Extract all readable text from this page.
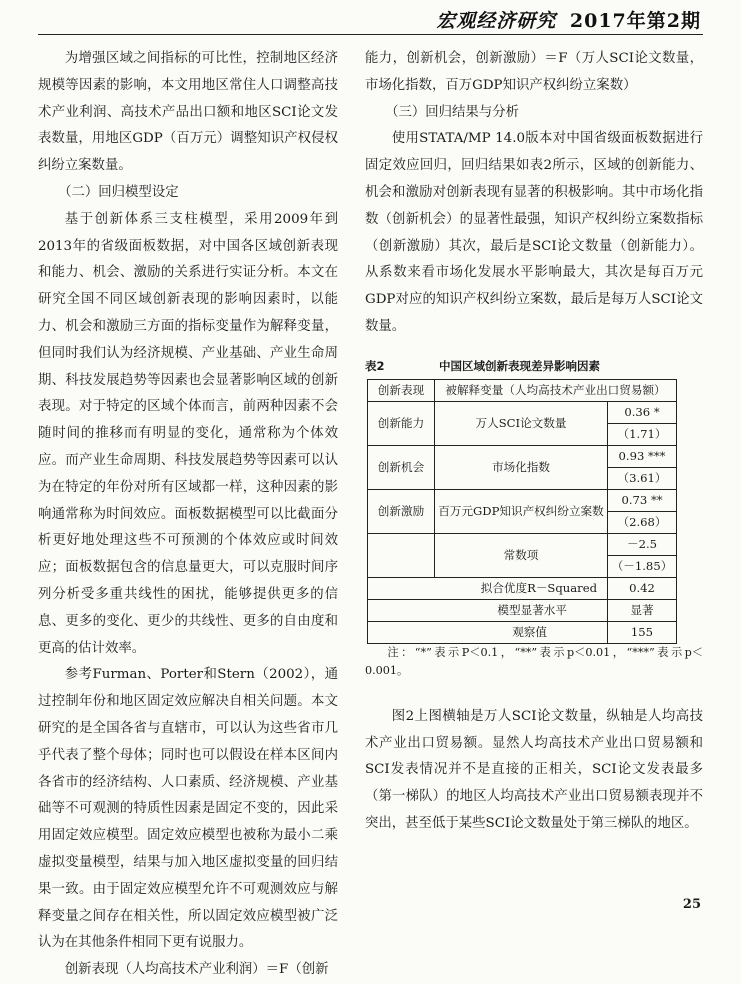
宏观经济研究 2017年第2期

为增强区域之间指标的可比性，控制地区经济规模等因素的影响，本文用地区常住人口调整高技术产业利润、高技术产品出口额和地区SCI论文发表数量，用地区GDP（百万元）调整知识产权侵权纠纷立案数量。

（二）回归模型设定

基于创新体系三支柱模型，采用2009年到2013年的省级面板数据，对中国各区域创新表现和能力、机会、激励的关系进行实证分析。本文在研究全国不同区域创新表现的影响因素时，以能力、机会和激励三方面的指标变量作为解释变量，但同时我们认为经济规模、产业基础、产业生命周期、科技发展趋势等因素也会显著影响区域的创新表现。对于特定的区域个体而言，前两种因素不会随时间的推移而有明显的变化，通常称为个体效应。而产业生命周期、科技发展趋势等因素可以认为在特定的年份对所有区域都一样，这种因素的影响通常称为时间效应。面板数据模型可以比截面分析更好地处理这些不可预测的个体效应或时间效应；面板数据包含的信息量更大，可以克服时间序列分析受多重共线性的困扰，能够提供更多的信息、更多的变化、更少的共线性、更多的自由度和更高的估计效率。

参考Furman、Porter和Stern（2002），通过控制年份和地区固定效应解决自相关问题。本文研究的是全国各省与直辖市，可以认为这些省市几乎代表了整个母体；同时也可以假设在样本区间内各省市的经济结构、人口素质、经济规模、产业基础等不可观测的特质性因素是固定不变的，因此采用固定效应模型。固定效应模型也被称为最小二乘虚拟变量模型，结果与加入地区虚拟变量的回归结果一致。由于固定效应模型允许不可观测效应与解释变量之间存在相关性，所以固定效应模型被广泛认为在其他条件相同下更有说服力。

创新表现（人均高技术产业利润）＝F（创新

能力，创新机会，创新激励）＝F（万人SCI论文数量，市场化指数，百万GDP知识产权纠纷立案数）

（三）回归结果与分析

使用STATA/MP 14.0版本对中国省级面板数据进行固定效应回归，回归结果如表2所示，区域的创新能力、机会和激励对创新表现有显著的积极影响。其中市场化指数（创新机会）的显著性最强，知识产权纠纷立案数指标（创新激励）其次，最后是SCI论文数量（创新能力）。从系数来看市场化发展水平影响最大，其次是每百万元GDP对应的知识产权纠纷立案数，最后是每万人SCI论文数量。

表2	中国区域创新表现差异影响因素
创新表现	被解释变量（人均高技术产业出口贸易额）	
创新能力	万人SCI论文数量	0.36 *
		（1.71）
创新机会	市场化指数	0.93 ***
		（3.61）
创新激励	百万元GDP知识产权纠纷立案数	0.73 **
		（2.68）
	常数项	－2.5
		（－1.85）
拟合优度R－Squared		0.42
模型显著水平		显著
观察值		155

注：“*”表示P＜0.1，“**”表示p＜0.01，“***”表示p＜0.001。

图2上图横轴是万人SCI论文数量，纵轴是人均高技术产业出口贸易额。显然人均高技术产业出口贸易额和SCI发表情况并不是直接的正相关，SCI论文发表最多（第一梯队）的地区人均高技术产业出口贸易额表现并不突出，甚至低于某些SCI论文数量处于第三梯队的地区。

25
